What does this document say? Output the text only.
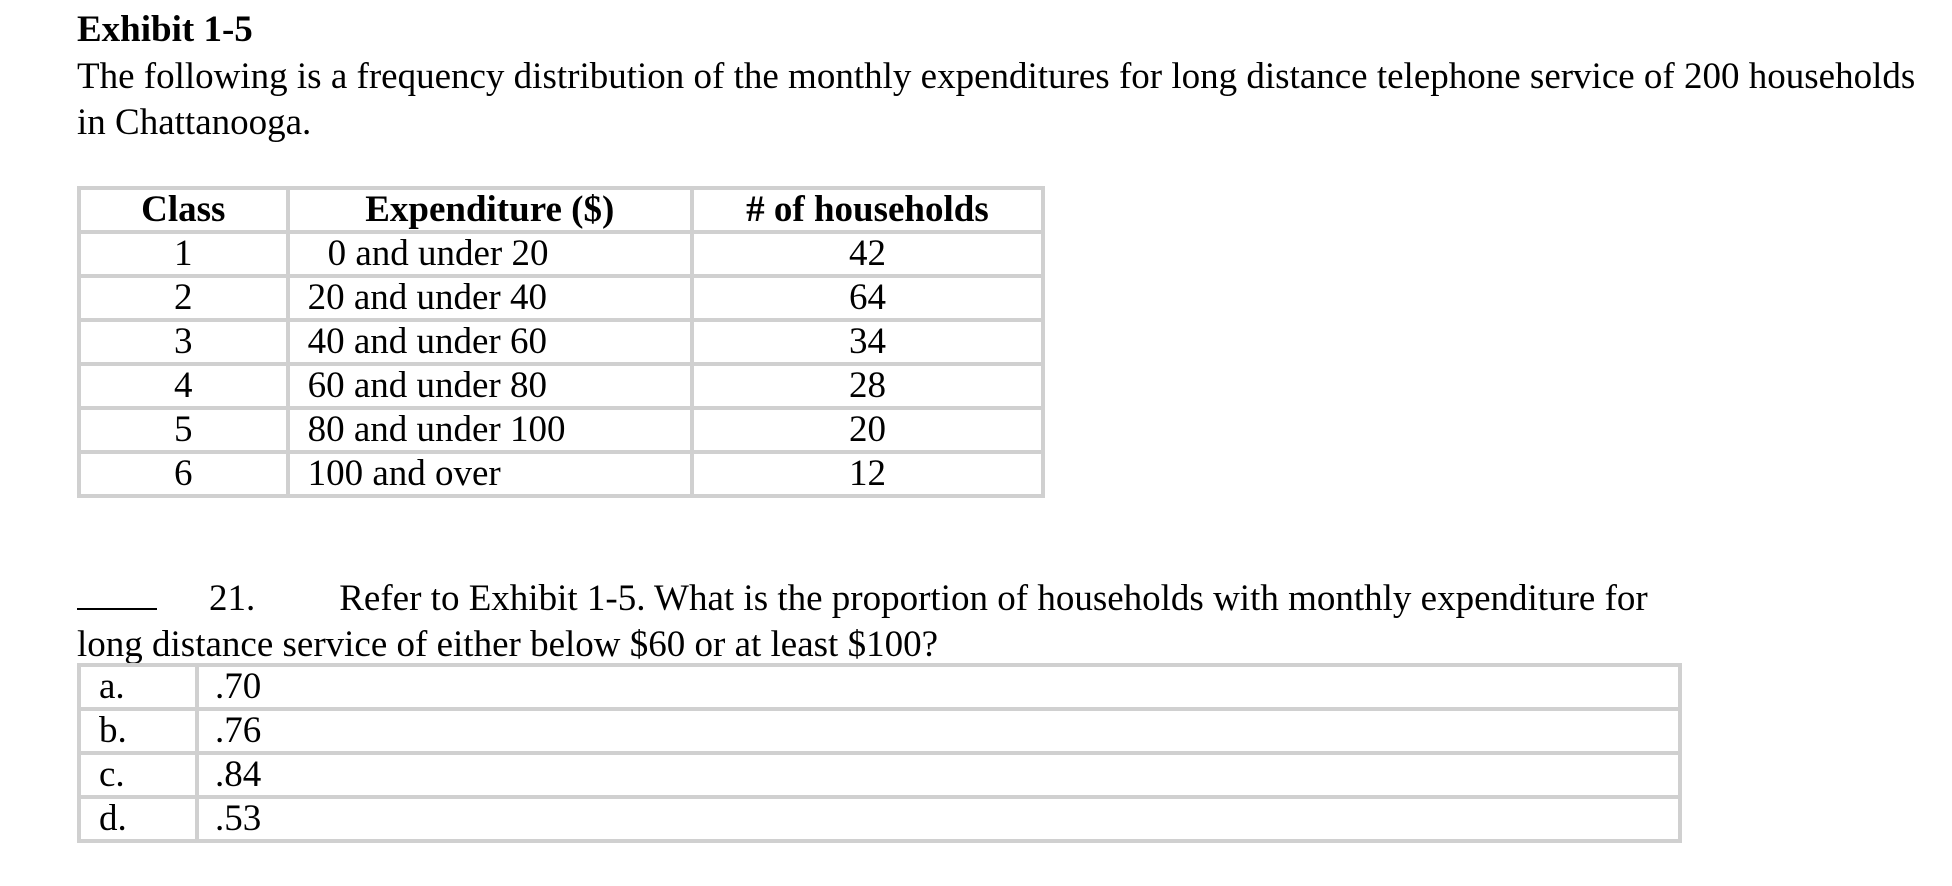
Exhibit 1-5

The following is a frequency distribution of the monthly expenditures for long distance telephone service of 200 households in Chattanooga.

Class	Expenditure ($)	# of households
1	0 and under 20	42
2	20 and under 40	64
3	40 and under 60	34
4	60 and under 80	28
5	80 and under 100	20
6	100 and over	12
21. Refer to Exhibit 1-5. What is the proportion of households with monthly expenditure for
long distance service of either below $60 or at least $100?
a.	.70
b.	.76
c.	.84
d.	.53
